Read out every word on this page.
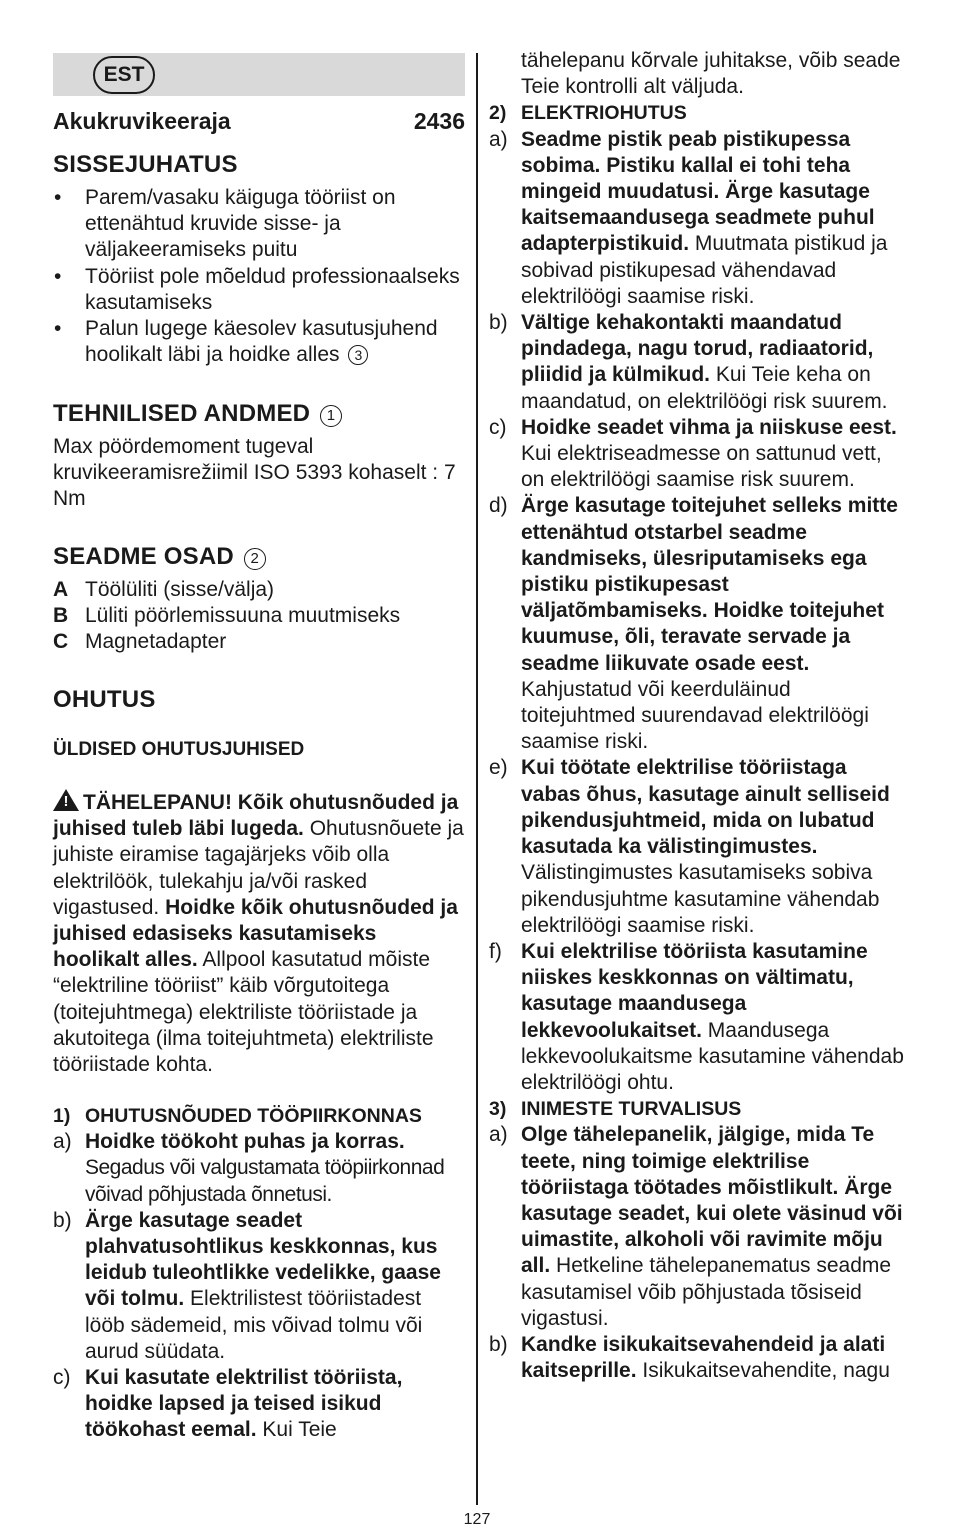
EST
Akukruvikeeraja	2436
SISSEJUHATUS
• Parem/vasaku käiguga tööriist on ettenähtud kruvide sisse- ja väljakeeramiseks puitu
• Tööriist pole mõeldud professionaalseks kasutamiseks
• Palun lugege käesolev kasutusjuhend hoolikalt läbi ja hoidke alles 3
TEHNILISED ANDMED 1
Max pöördemoment tugeval kruvikeeramisrežiimil ISO 5393 kohaselt : 7 Nm
SEADME OSAD 2
A Töölüliti (sisse/välja)
B Lüliti pöörlemissuuna muutmiseks
C Magnetadapter
OHUTUS
ÜLDISED OHUTUSJUHISED
! TÄHELEPANU! Kõik ohutusnõuded ja juhised tuleb läbi lugeda. Ohutusnõuete ja juhiste eiramise tagajärjeks võib olla elektrilöök, tulekahju ja/või rasked vigastused. Hoidke kõik ohutusnõuded ja juhised edasiseks kasutamiseks hoolikalt alles. Allpool kasutatud mõiste “elektriline tööriist” käib võrgutoitega (toitejuhtmega) elektriliste tööriistade ja akutoitega (ilma toitejuhtmeta) elektriliste tööriistade kohta.
1) OHUTUSNÕUDED TÖÖPIIRKONNAS
a) Hoidke töökoht puhas ja korras. Segadus või valgustamata tööpiirkonnad võivad põhjustada õnnetusi.
b) Ärge kasutage seadet plahvatusohtlikus keskkonnas, kus leidub tuleohtlikke vedelikke, gaase või tolmu. Elektrilistest tööriistadest lööb sädemeid, mis võivad tolmu või aurud süüdata.
c) Kui kasutate elektrilist tööriista, hoidke lapsed ja teised isikud töökohast eemal. Kui Teie
tähelepanu kõrvale juhitakse, võib seade Teie kontrolli alt väljuda.
2) ELEKTRIOHUTUS
a) Seadme pistik peab pistikupessa sobima. Pistiku kallal ei tohi teha mingeid muudatusi. Ärge kasutage kaitsemaandusega seadmete puhul adapterpistikuid. Muutmata pistikud ja sobivad pistikupesad vähendavad elektrilöögi saamise riski.
b) Vältige kehakontakti maandatud pindadega, nagu torud, radiaatorid, pliidid ja külmikud. Kui Teie keha on maandatud, on elektrilöögi risk suurem.
c) Hoidke seadet vihma ja niiskuse eest. Kui elektriseadmesse on sattunud vett, on elektrilöögi saamise risk suurem.
d) Ärge kasutage toitejuhet selleks mitte ettenähtud otstarbel seadme kandmiseks, ülesriputamiseks ega pistiku pistikupesast väljatõmbamiseks. Hoidke toitejuhet kuumuse, õli, teravate servade ja seadme liikuvate osade eest. Kahjustatud või keerduläinud toitejuhtmed suurendavad elektrilöögi saamise riski.
e) Kui töötate elektrilise tööriistaga vabas õhus, kasutage ainult selliseid pikendusjuhtmeid, mida on lubatud kasutada ka välistingimustes. Välistingimustes kasutamiseks sobiva pikendusjuhtme kasutamine vähendab elektrilöögi saamise riski.
f) Kui elektrilise tööriista kasutamine niiskes keskkonnas on vältimatu, kasutage maandusega lekkevoolukaitset. Maandusega lekkevoolukaitsme kasutamine vähendab elektrilöögi ohtu.
3) INIMESTE TURVALISUS
a) Olge tähelepanelik, jälgige, mida Te teete, ning toimige elektrilise tööriistaga töötades mõistlikult. Ärge kasutage seadet, kui olete väsinud või uimastite, alkoholi või ravimite mõju all. Hetkeline tähelepanematus seadme kasutamisel võib põhjustada tõsiseid vigastusi.
b) Kandke isikukaitsevahendeid ja alati kaitseprille. Isikukaitsevahendite, nagu
127
